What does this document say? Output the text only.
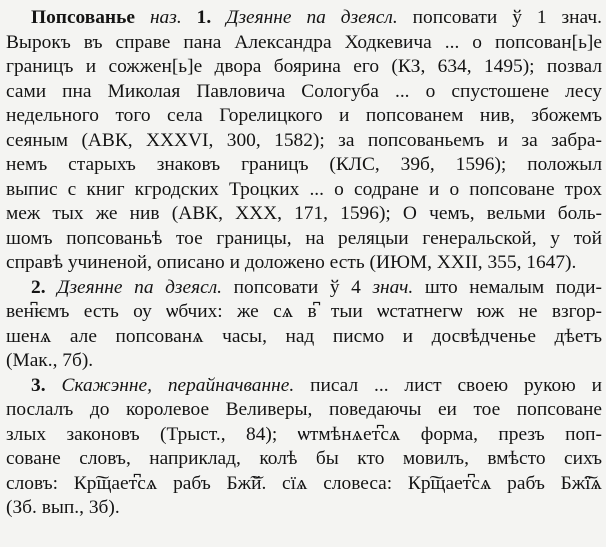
Попсованье наз. 1. Дзеянне па дзеясл. попсовати ў 1 знач.
Вырокъ въ справе пана Александра Ходкевича ... о попсован[ь]е
границъ и сожжен[ь]е двора боярина его (КЗ, 634, 1495); позвал
сами пна Миколая Павловича Сологуба ... о спустошене лесу
недельного того села Горелицкого и попсованем нив, збожемъ
сеяным (АВК, XXXVI, 300, 1582); за попсованьемъ и за забра-
немъ старыхъ знаковъ границъ (КЛС, 39б, 1596); положыл
выпис с книг кгродских Троцких ... о содране и о попсоване трох
меж тых же нив (АВК, XXX, 171, 1596); О чемъ, вельми боль-
шомъ попсованьѣ тое границы, на реляцыи генеральской, у той
справѣ учиненой, описано и доложено есть (ИЮМ, XXII, 355, 1647).
2. Дзеянне па дзеясл. попсовати ў 4 знач. што немалым поди-
вен͆ѥмъ есть оу ѡбчих: же сѧ в͆ тыи ѡстатнегѡ юж не взгор-
шенѧ але попсованѧ часы, над писмо и досвѣдченье дѣетъ
(Мак., 7б).
3. Скажэнне, перайначванне. писал ... лист своею рукою и
послалъ до королевое Веливеры, поведаючы еи тое попсоване
злых законовъ (Трыст., 84); ѡтмѣнѧет͆сѧ форма, презъ поп-
соване словъ, наприклад, колѣ бы кто мовилъ, вмѣсто сихъ
словъ: Кр͠щает͆сѧ рабъ Бж͠й. сїѧ словеса: Кр͠щает͆сѧ рабъ Бж͠їѧ
(Зб. вып., 3б).
